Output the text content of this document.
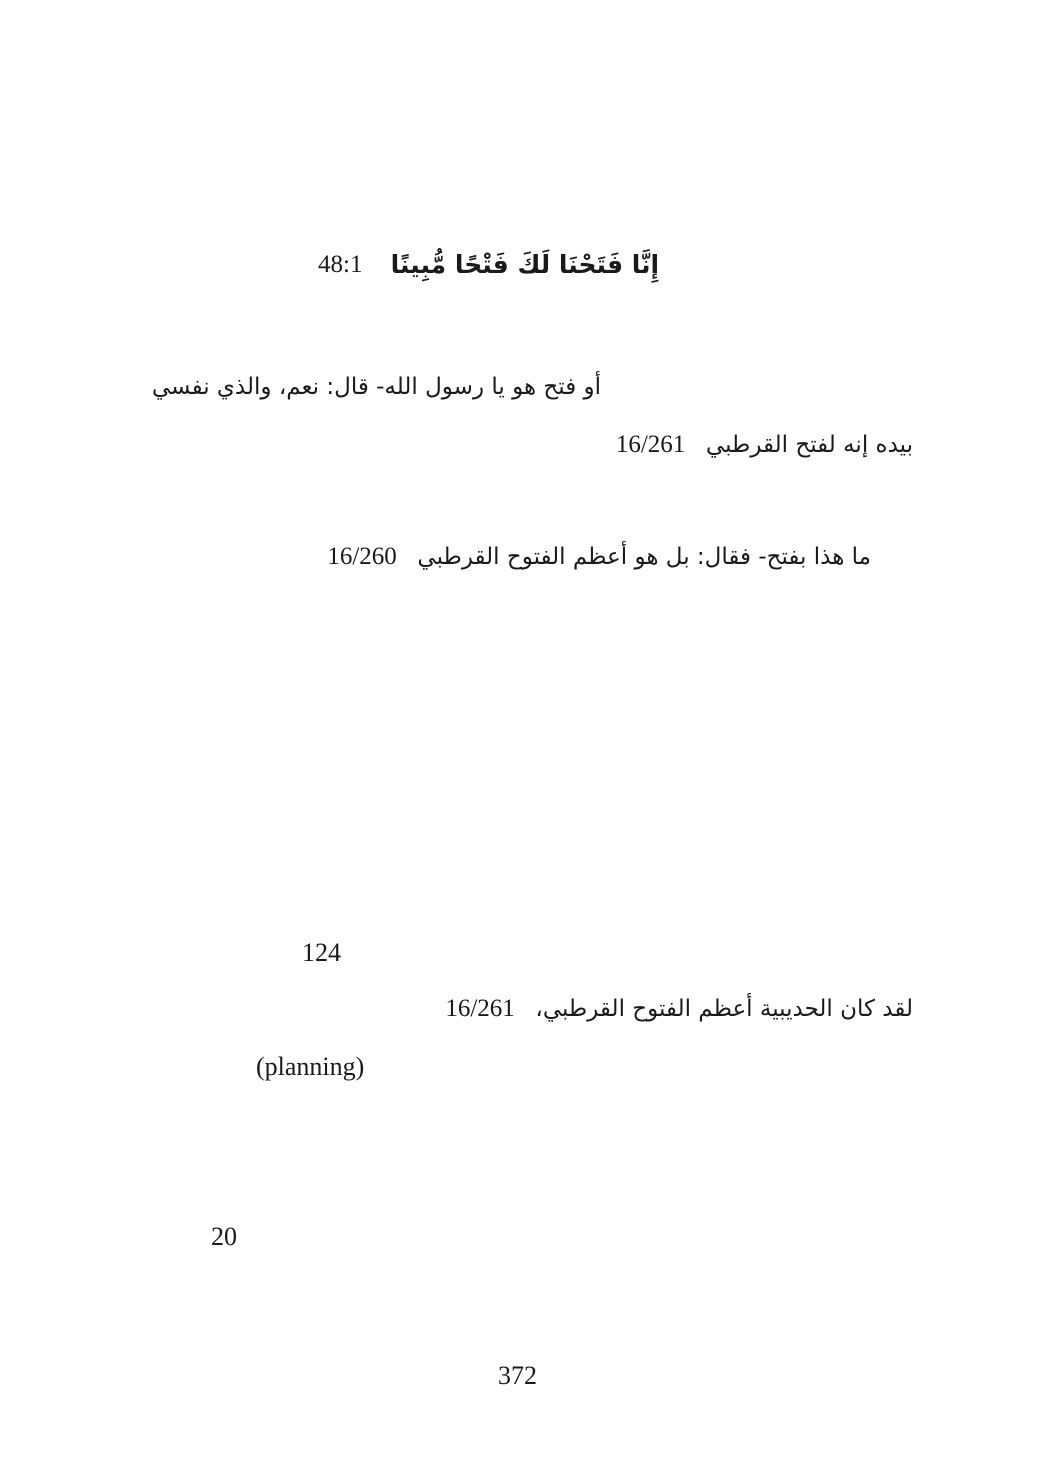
48:1 إِنَّا فَتَحْنَا لَكَ فَتْحًا مُّبِينًا
أو فتح هو يا رسول الله- قال: نعم، والذي نفسي
16/261 بيده إنه لفتح القرطبي
16/260 ما هذا بفتح- فقال: بل هو أعظم الفتوح القرطبي
124
16/261 لقد كان الحديبية أعظم الفتوح القرطبي،
(planning)
20
372
